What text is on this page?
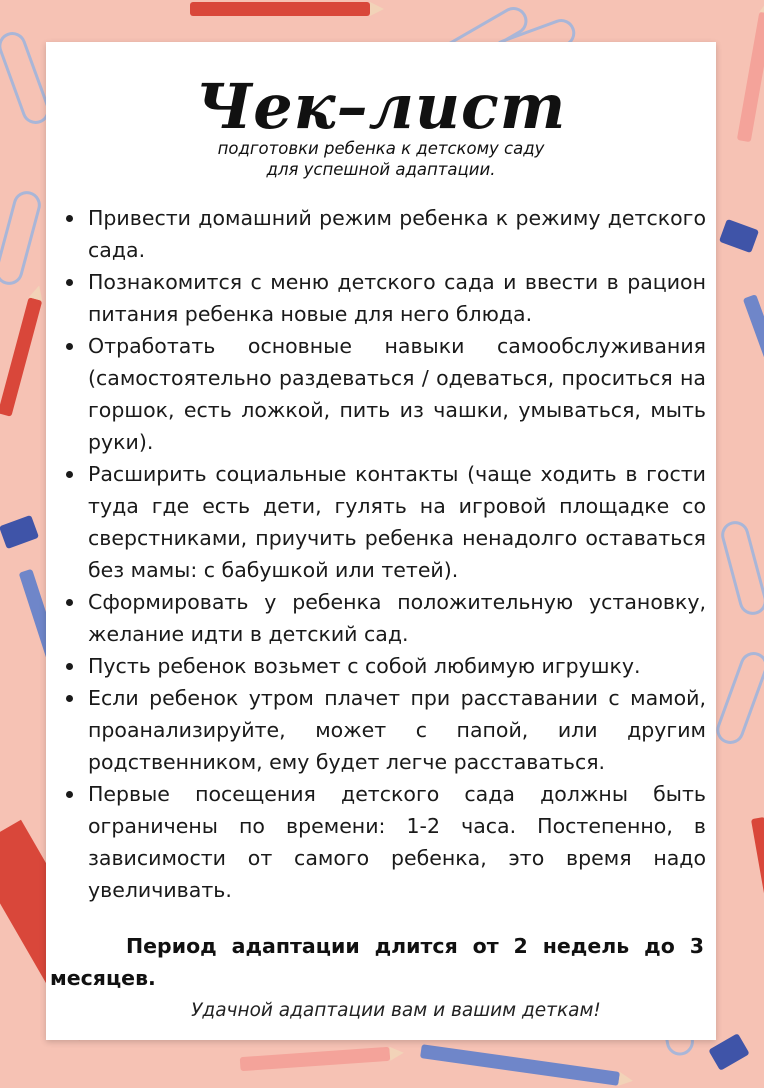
Чек–лист
подготовки ребенка к детскому саду
для успешной адаптации.
Привести домашний режим ребенка к режиму детского сада.
Познакомится с меню детского сада и ввести в рацион питания ребенка новые для него блюда.
Отработать основные навыки самообслуживания (самостоятельно раздеваться / одеваться, проситься на горшок, есть ложкой, пить из чашки, умываться, мыть руки).
Расширить социальные контакты (чаще ходить в гости туда где есть дети, гулять на игровой площадке со сверстниками, приучить ребенка ненадолго оставаться без мамы: с бабушкой или тетей).
Сформировать у ребенка положительную установку, желание идти в детский сад.
Пусть ребенок возьмет с собой любимую игрушку.
Если ребенок утром плачет при расставании с мамой, проанализируйте, может с папой, или другим родственником, ему будет легче расставаться.
Первые посещения детского сада должны быть ограничены по времени: 1-2 часа. Постепенно, в зависимости от самого ребенка, это время надо увеличивать.
Период адаптации длится от 2 недель до 3 месяцев.
Удачной адаптации вам и вашим деткам!
